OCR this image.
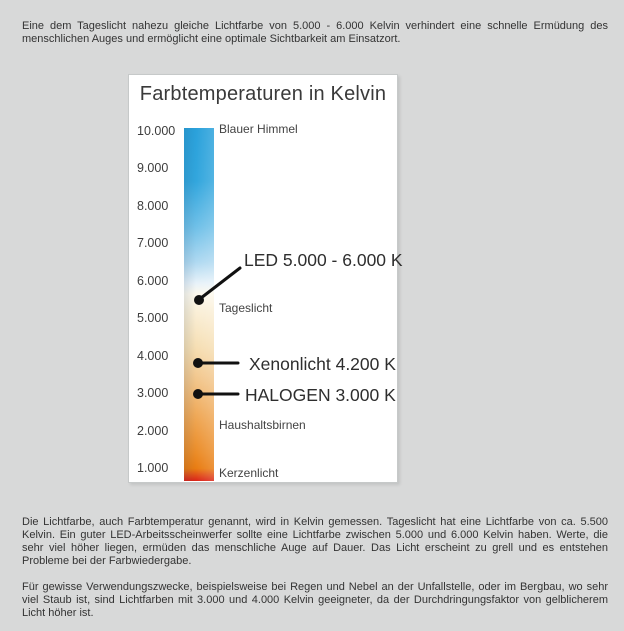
Eine dem Tageslicht nahezu gleiche Lichtfarbe von 5.000 - 6.000 Kelvin verhindert eine schnelle Ermüdung des menschlichen Auges und ermöglicht eine optimale Sichtbarkeit am Einsatzort.
Farbtemperaturen in Kelvin
10.000
9.000
8.000
7.000
6.000
5.000
4.000
3.000
2.000
1.000
Blauer Himmel
Tageslicht
Haushaltsbirnen
Kerzenlicht
LED 5.000 - 6.000 K
Xenonlicht 4.200 K
HALOGEN 3.000 K

Die Lichtfarbe, auch Farbtemperatur genannt, wird in Kelvin gemessen. Tageslicht hat eine Lichtfarbe von ca. 5.500 Kelvin. Ein guter LED-Arbeitsscheinwerfer sollte eine Lichtfarbe zwischen 5.000 und 6.000 Kelvin haben. Werte, die sehr viel höher liegen, ermüden das menschliche Auge auf Dauer. Das Licht erscheint zu grell und es entstehen Probleme bei der Farbwiedergabe.

Für gewisse Verwendungszwecke, beispielsweise bei Regen und Nebel an der Unfallstelle, oder im Bergbau, wo sehr viel Staub ist, sind Lichtfarben mit 3.000 und 4.000 Kelvin geeigneter, da der Durchdringungsfaktor von gelblicherem Licht höher ist.
